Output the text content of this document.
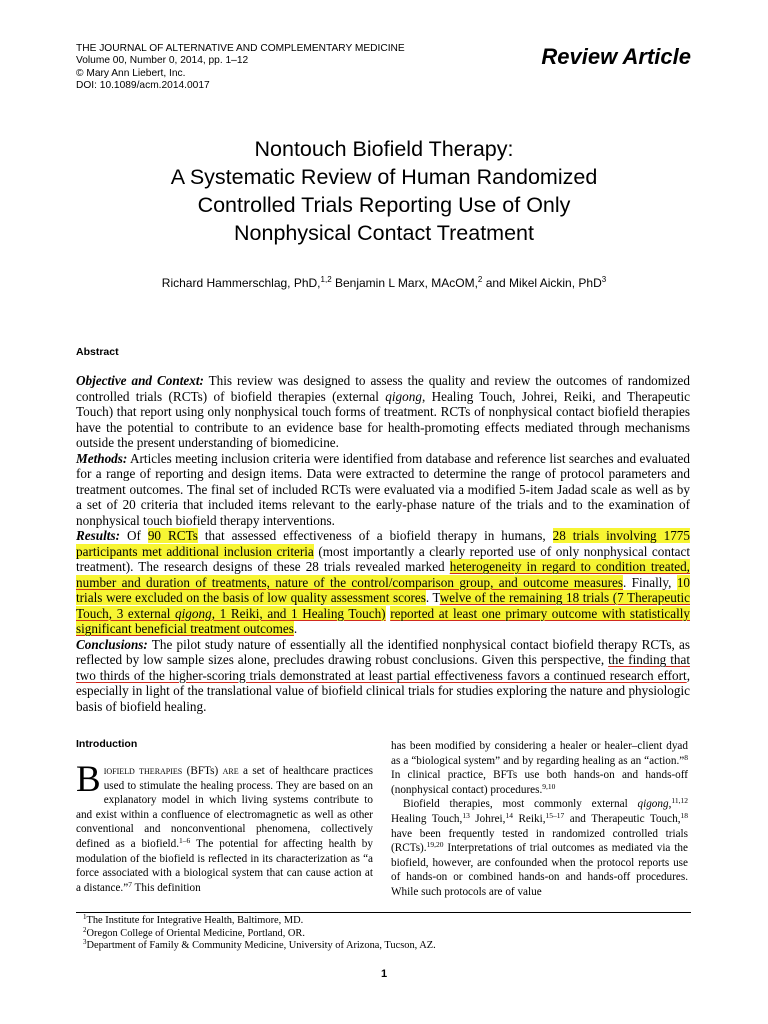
THE JOURNAL OF ALTERNATIVE AND COMPLEMENTARY MEDICINE
Volume 00, Number 0, 2014, pp. 1–12
© Mary Ann Liebert, Inc.
DOI: 10.1089/acm.2014.0017
Review Article
Nontouch Biofield Therapy:
A Systematic Review of Human Randomized
Controlled Trials Reporting Use of Only
Nonphysical Contact Treatment
Richard Hammerschlag, PhD,$^{1,2}$ Benjamin L Marx, MAcOM,$^2$ and Mikel Aickin, PhD$^3$
Abstract
Objective and Context: This review was designed to assess the quality and review the outcomes of randomized controlled trials (RCTs) of biofield therapies (external qigong, Healing Touch, Johrei, Reiki, and Therapeutic Touch) that report using only nonphysical touch forms of treatment. RCTs of nonphysical contact biofield therapies have the potential to contribute to an evidence base for health-promoting effects mediated through mechanisms outside the present understanding of biomedicine.
Methods: Articles meeting inclusion criteria were identified from database and reference list searches and evaluated for a range of reporting and design items. Data were extracted to determine the range of protocol parameters and treatment outcomes. The final set of included RCTs were evaluated via a modified 5-item Jadad scale as well as by a set of 20 criteria that included items relevant to the early-phase nature of the trials and to the examination of nonphysical touch biofield therapy interventions.
Results: Of 90 RCTs that assessed effectiveness of a biofield therapy in humans, 28 trials involving 1775 participants met additional inclusion criteria (most importantly a clearly reported use of only nonphysical contact treatment). The research designs of these 28 trials revealed marked heterogeneity in regard to condition treated, number and duration of treatments, nature of the control/comparison group, and outcome measures. Finally, 10 trials were excluded on the basis of low quality assessment scores. Twelve of the remaining 18 trials (7 Therapeutic Touch, 3 external qigong, 1 Reiki, and 1 Healing Touch) reported at least one primary outcome with statistically significant beneficial treatment outcomes.
Conclusions: The pilot study nature of essentially all the identified nonphysical contact biofield therapy RCTs, as reflected by low sample sizes alone, precludes drawing robust conclusions. Given this perspective, the finding that two thirds of the higher-scoring trials demonstrated at least partial effectiveness favors a continued research effort, especially in light of the translational value of biofield clinical trials for studies exploring the nature and physiologic basis of biofield healing.
Introduction
Biofield therapies (BFTs) are a set of healthcare practices used to stimulate the healing process. They are based on an explanatory model in which living systems contribute to and exist within a confluence of electromagnetic as well as other conventional and nonconventional phenomena, collectively defined as a biofield.$^{1-6}$ The potential for affecting health by modulation of the biofield is reflected in its characterization as “a force associated with a biological system that can cause action at a distance.”$^7$ This definition
has been modified by considering a healer or healer–client dyad as a “biological system” and by regarding healing as an “action.”$^8$ In clinical practice, BFTs use both hands-on and hands-off (nonphysical contact) procedures.$^{9,10}$
Biofield therapies, most commonly external qigong,$^{11,12}$ Healing Touch,$^{13}$ Johrei,$^{14}$ Reiki,$^{15-17}$ and Therapeutic Touch,$^{18}$ have been frequently tested in randomized controlled trials (RCTs).$^{19,20}$ Interpretations of trial outcomes as mediated via the biofield, however, are confounded when the protocol reports use of hands-on or combined hands-on and hands-off procedures. While such protocols are of value
$^1$The Institute for Integrative Health, Baltimore, MD.
$^2$Oregon College of Oriental Medicine, Portland, OR.
$^3$Department of Family & Community Medicine, University of Arizona, Tucson, AZ.
1
